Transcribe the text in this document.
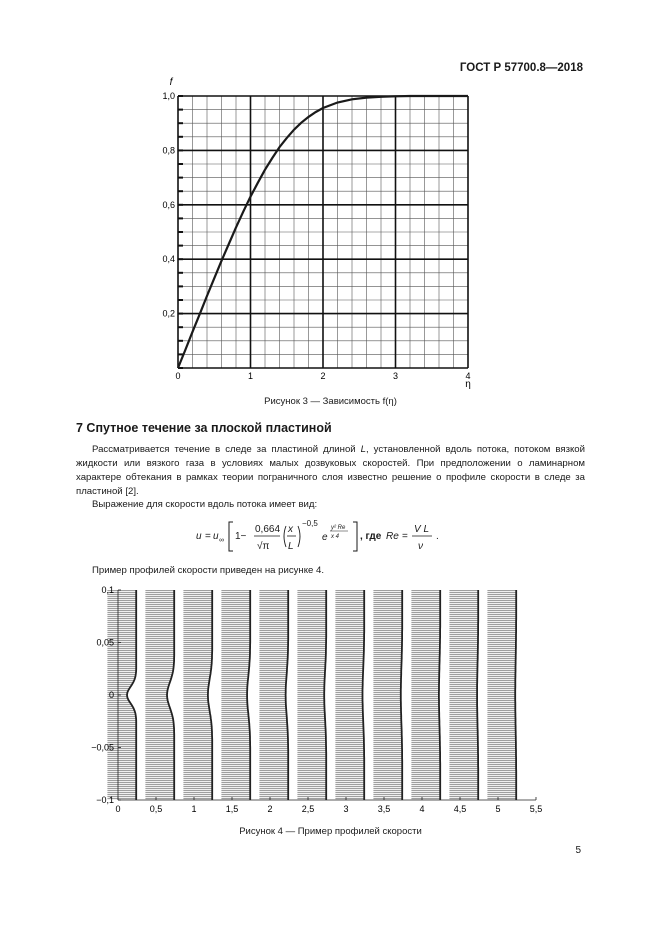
ГОСТ Р 57700.8—2018
0	1	2	3	4
0,2
0,4
0,6
0,8
1,0
f
η
Рисунок 3 — Зависимость f(η)
7 Спутное течение за плоской пластиной
Рассматривается течение в следе за пластиной длиной L, установленной вдоль потока, потоком вязкой жидкости или вязкого газа в условиях малых дозвуковых скоростей. При предположении о ламинарном характере обтекания в рамках теории пограничного слоя известно решение о профиле скорости в следе за пластиной [2].
Выражение для скорости вдоль потока имеет вид:
u = u ∞ 1−
0,664
√π
x
L
−0,5
e
y² Re
x 4 , где Re =
V L
ν
.
Пример профилей скорости приведен на рисунке 4.
0	0,5	1	1,5	2	2,5	3	3,5	4	4,5	5	5,5
0,1
0,05
0
−0,05
−0,1
Рисунок 4 — Пример профилей скорости
5
